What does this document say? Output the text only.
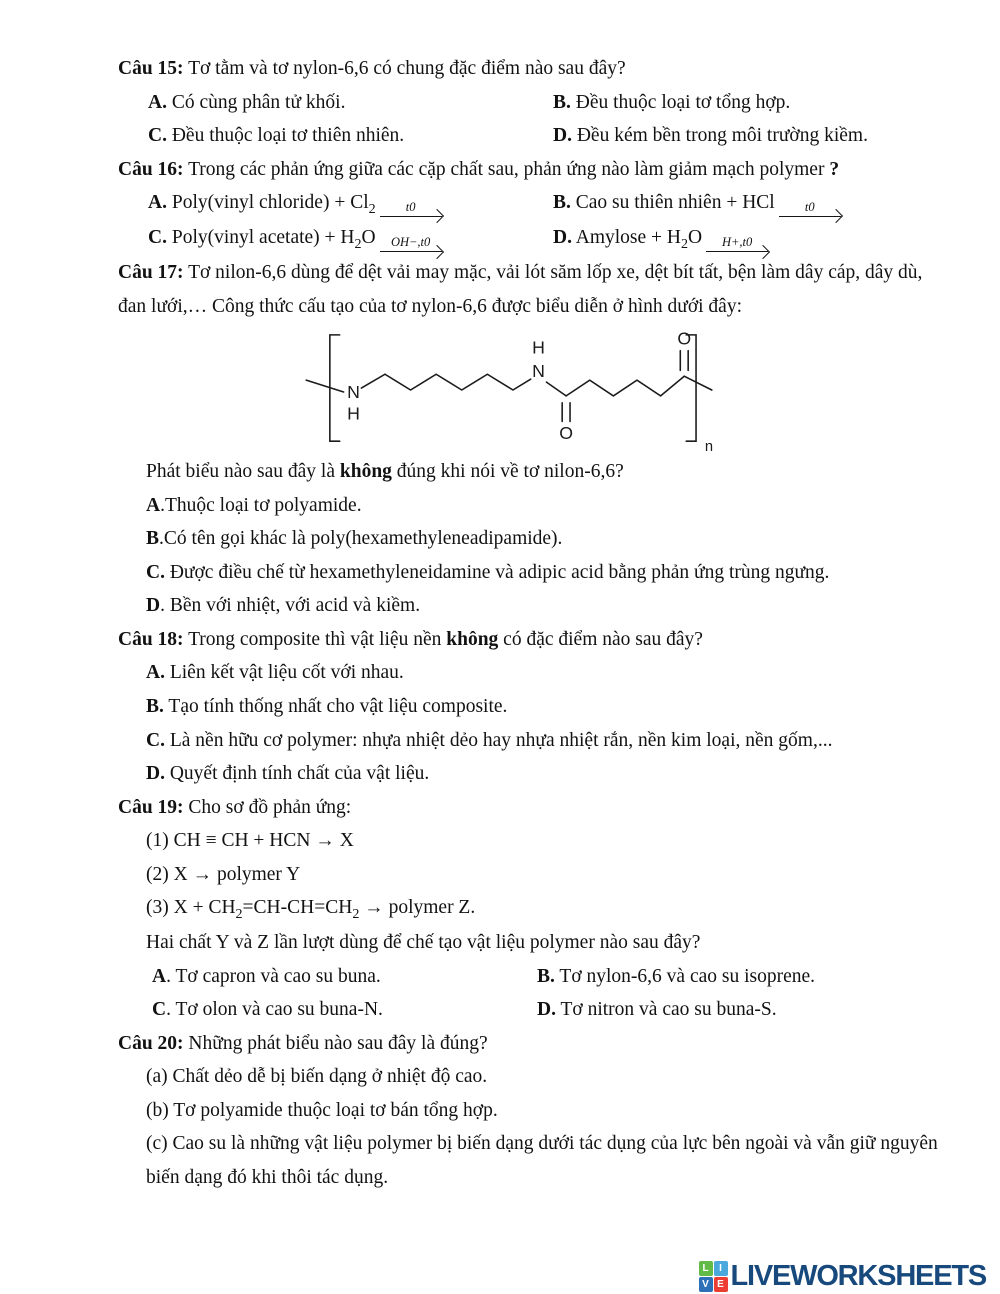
Câu 15: Tơ tằm và tơ nylon-6,6 có chung đặc điểm nào sau đây?

A. Có cùng phân tử khối.	B. Đều thuộc loại tơ tổng hợp.
C. Đều thuộc loại tơ thiên nhiên.	D. Đều kém bền trong môi trường kiềm.

Câu 16: Trong các phản ứng giữa các cặp chất sau, phản ứng nào làm giảm mạch polymer ?

A. Poly(vinyl chloride) + $Cl_2$	t0	B. Cao su thiên nhiên + HCl	t0
C. Poly(vinyl acetate) + $H_2O$	OH−,t0	D. Amylose + $H_2O$	H+,t0

Câu 17: Tơ nilon-6,6 dùng để dệt vải may mặc, vải lót săm lốp xe, dệt bít tất, bện làm dây cáp, dây dù, đan lưới,… Công thức cấu tạo của tơ nylon-6,6 được biểu diễn ở hình dưới đây:

N
H
H
N
O
O
n

Phát biểu nào sau đây là không đúng khi nói về tơ nilon-6,6?

A.Thuộc loại tơ polyamide.

B.Có tên gọi khác là poly(hexamethyleneadipamide).

C. Được điều chế từ hexamethyleneidamine và adipic acid bằng phản ứng trùng ngưng.

D. Bền với nhiệt, với acid và kiềm.

Câu 18: Trong composite thì vật liệu nền không có đặc điểm nào sau đây?

A. Liên kết vật liệu cốt với nhau.

B. Tạo tính thống nhất cho vật liệu composite.

C. Là nền hữu cơ polymer: nhựa nhiệt dẻo hay nhựa nhiệt rắn, nền kim loại, nền gốm,...

D. Quyết định tính chất của vật liệu.

Câu 19: Cho sơ đồ phản ứng:

(1) CH ≡ CH + HCN → X

(2) X → polymer Y

(3) $X + CH_2=CH-CH=CH_2$ → polymer Z.

Hai chất Y và Z lần lượt dùng để chế tạo vật liệu polymer nào sau đây?

A. Tơ capron và cao su buna.	B. Tơ nylon-6,6 và cao su isoprene.
C. Tơ olon và cao su buna-N.	D. Tơ nitron và cao su buna-S.

Câu 20: Những phát biểu nào sau đây là đúng?

(a) Chất dẻo dễ bị biến dạng ở nhiệt độ cao.

(b) Tơ polyamide thuộc loại tơ bán tổng hợp.

(c) Cao su là những vật liệu polymer bị biến dạng dưới tác dụng của lực bên ngoài và vẫn giữ nguyên biến dạng đó khi thôi tác dụng.

L	I
V E LIVEWORKSHEETS
